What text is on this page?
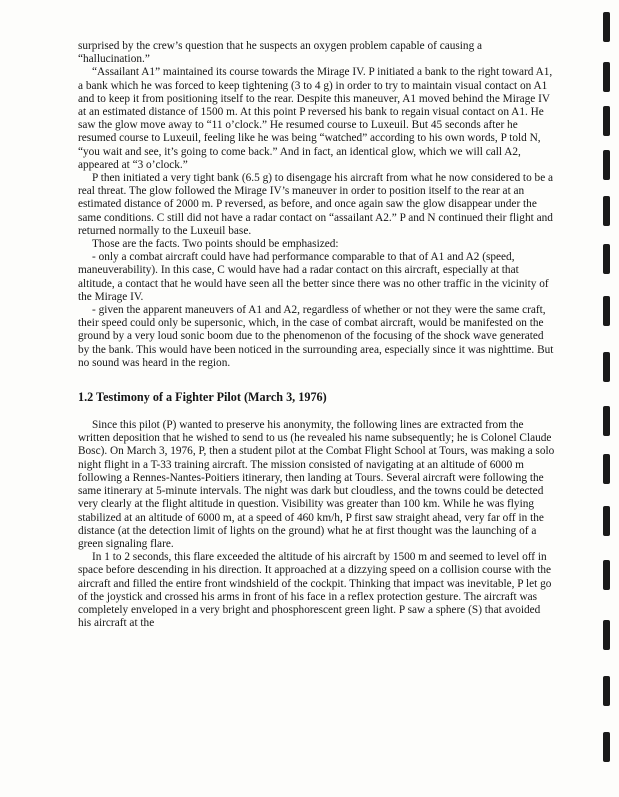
surprised by the crew’s question that he suspects an oxygen problem capable of causing a “hallucination.”

“Assailant A1” maintained its course towards the Mirage IV. P initiated a bank to the right toward A1, a bank which he was forced to keep tightening (3 to 4 g) in order to try to maintain visual contact on A1 and to keep it from positioning itself to the rear. Despite this maneuver, A1 moved behind the Mirage IV at an estimated distance of 1500 m. At this point P reversed his bank to regain visual contact on A1. He saw the glow move away to “11 o’clock.” He resumed course to Luxeuil. But 45 seconds after he resumed course to Luxeuil, feeling like he was being “watched” according to his own words, P told N, “you wait and see, it’s going to come back.” And in fact, an identical glow, which we will call A2, appeared at “3 o’clock.”

P then initiated a very tight bank (6.5 g) to disengage his aircraft from what he now considered to be a real threat. The glow followed the Mirage IV’s maneuver in order to position itself to the rear at an estimated distance of 2000 m. P reversed, as before, and once again saw the glow disappear under the same conditions. C still did not have a radar contact on “assailant A2.” P and N continued their flight and returned normally to the Luxeuil base.

Those are the facts. Two points should be emphasized:

- only a combat aircraft could have had performance comparable to that of A1 and A2 (speed, maneuverability). In this case, C would have had a radar contact on this aircraft, especially at that altitude, a contact that he would have seen all the better since there was no other traffic in the vicinity of the Mirage IV.

- given the apparent maneuvers of A1 and A2, regardless of whether or not they were the same craft, their speed could only be supersonic, which, in the case of combat aircraft, would be manifested on the ground by a very loud sonic boom due to the phenomenon of the focusing of the shock wave generated by the bank. This would have been noticed in the surrounding area, especially since it was nighttime. But no sound was heard in the region.

1.2 Testimony of a Fighter Pilot (March 3, 1976)

Since this pilot (P) wanted to preserve his anonymity, the following lines are extracted from the written deposition that he wished to send to us (he revealed his name subsequently; he is Colonel Claude Bosc). On March 3, 1976, P, then a student pilot at the Combat Flight School at Tours, was making a solo night flight in a T-33 training aircraft. The mission consisted of navigating at an altitude of 6000 m following a Rennes-Nantes-Poitiers itinerary, then landing at Tours. Several aircraft were following the same itinerary at 5-minute intervals. The night was dark but cloudless, and the towns could be detected very clearly at the flight altitude in question. Visibility was greater than 100 km. While he was flying stabilized at an altitude of 6000 m, at a speed of 460 km/h, P first saw straight ahead, very far off in the distance (at the detection limit of lights on the ground) what he at first thought was the launching of a green signaling flare.

In 1 to 2 seconds, this flare exceeded the altitude of his aircraft by 1500 m and seemed to level off in space before descending in his direction. It approached at a dizzying speed on a collision course with the aircraft and filled the entire front windshield of the cockpit. Thinking that impact was inevitable, P let go of the joystick and crossed his arms in front of his face in a reflex protection gesture. The aircraft was completely enveloped in a very bright and phosphorescent green light. P saw a sphere (S) that avoided his aircraft at the
